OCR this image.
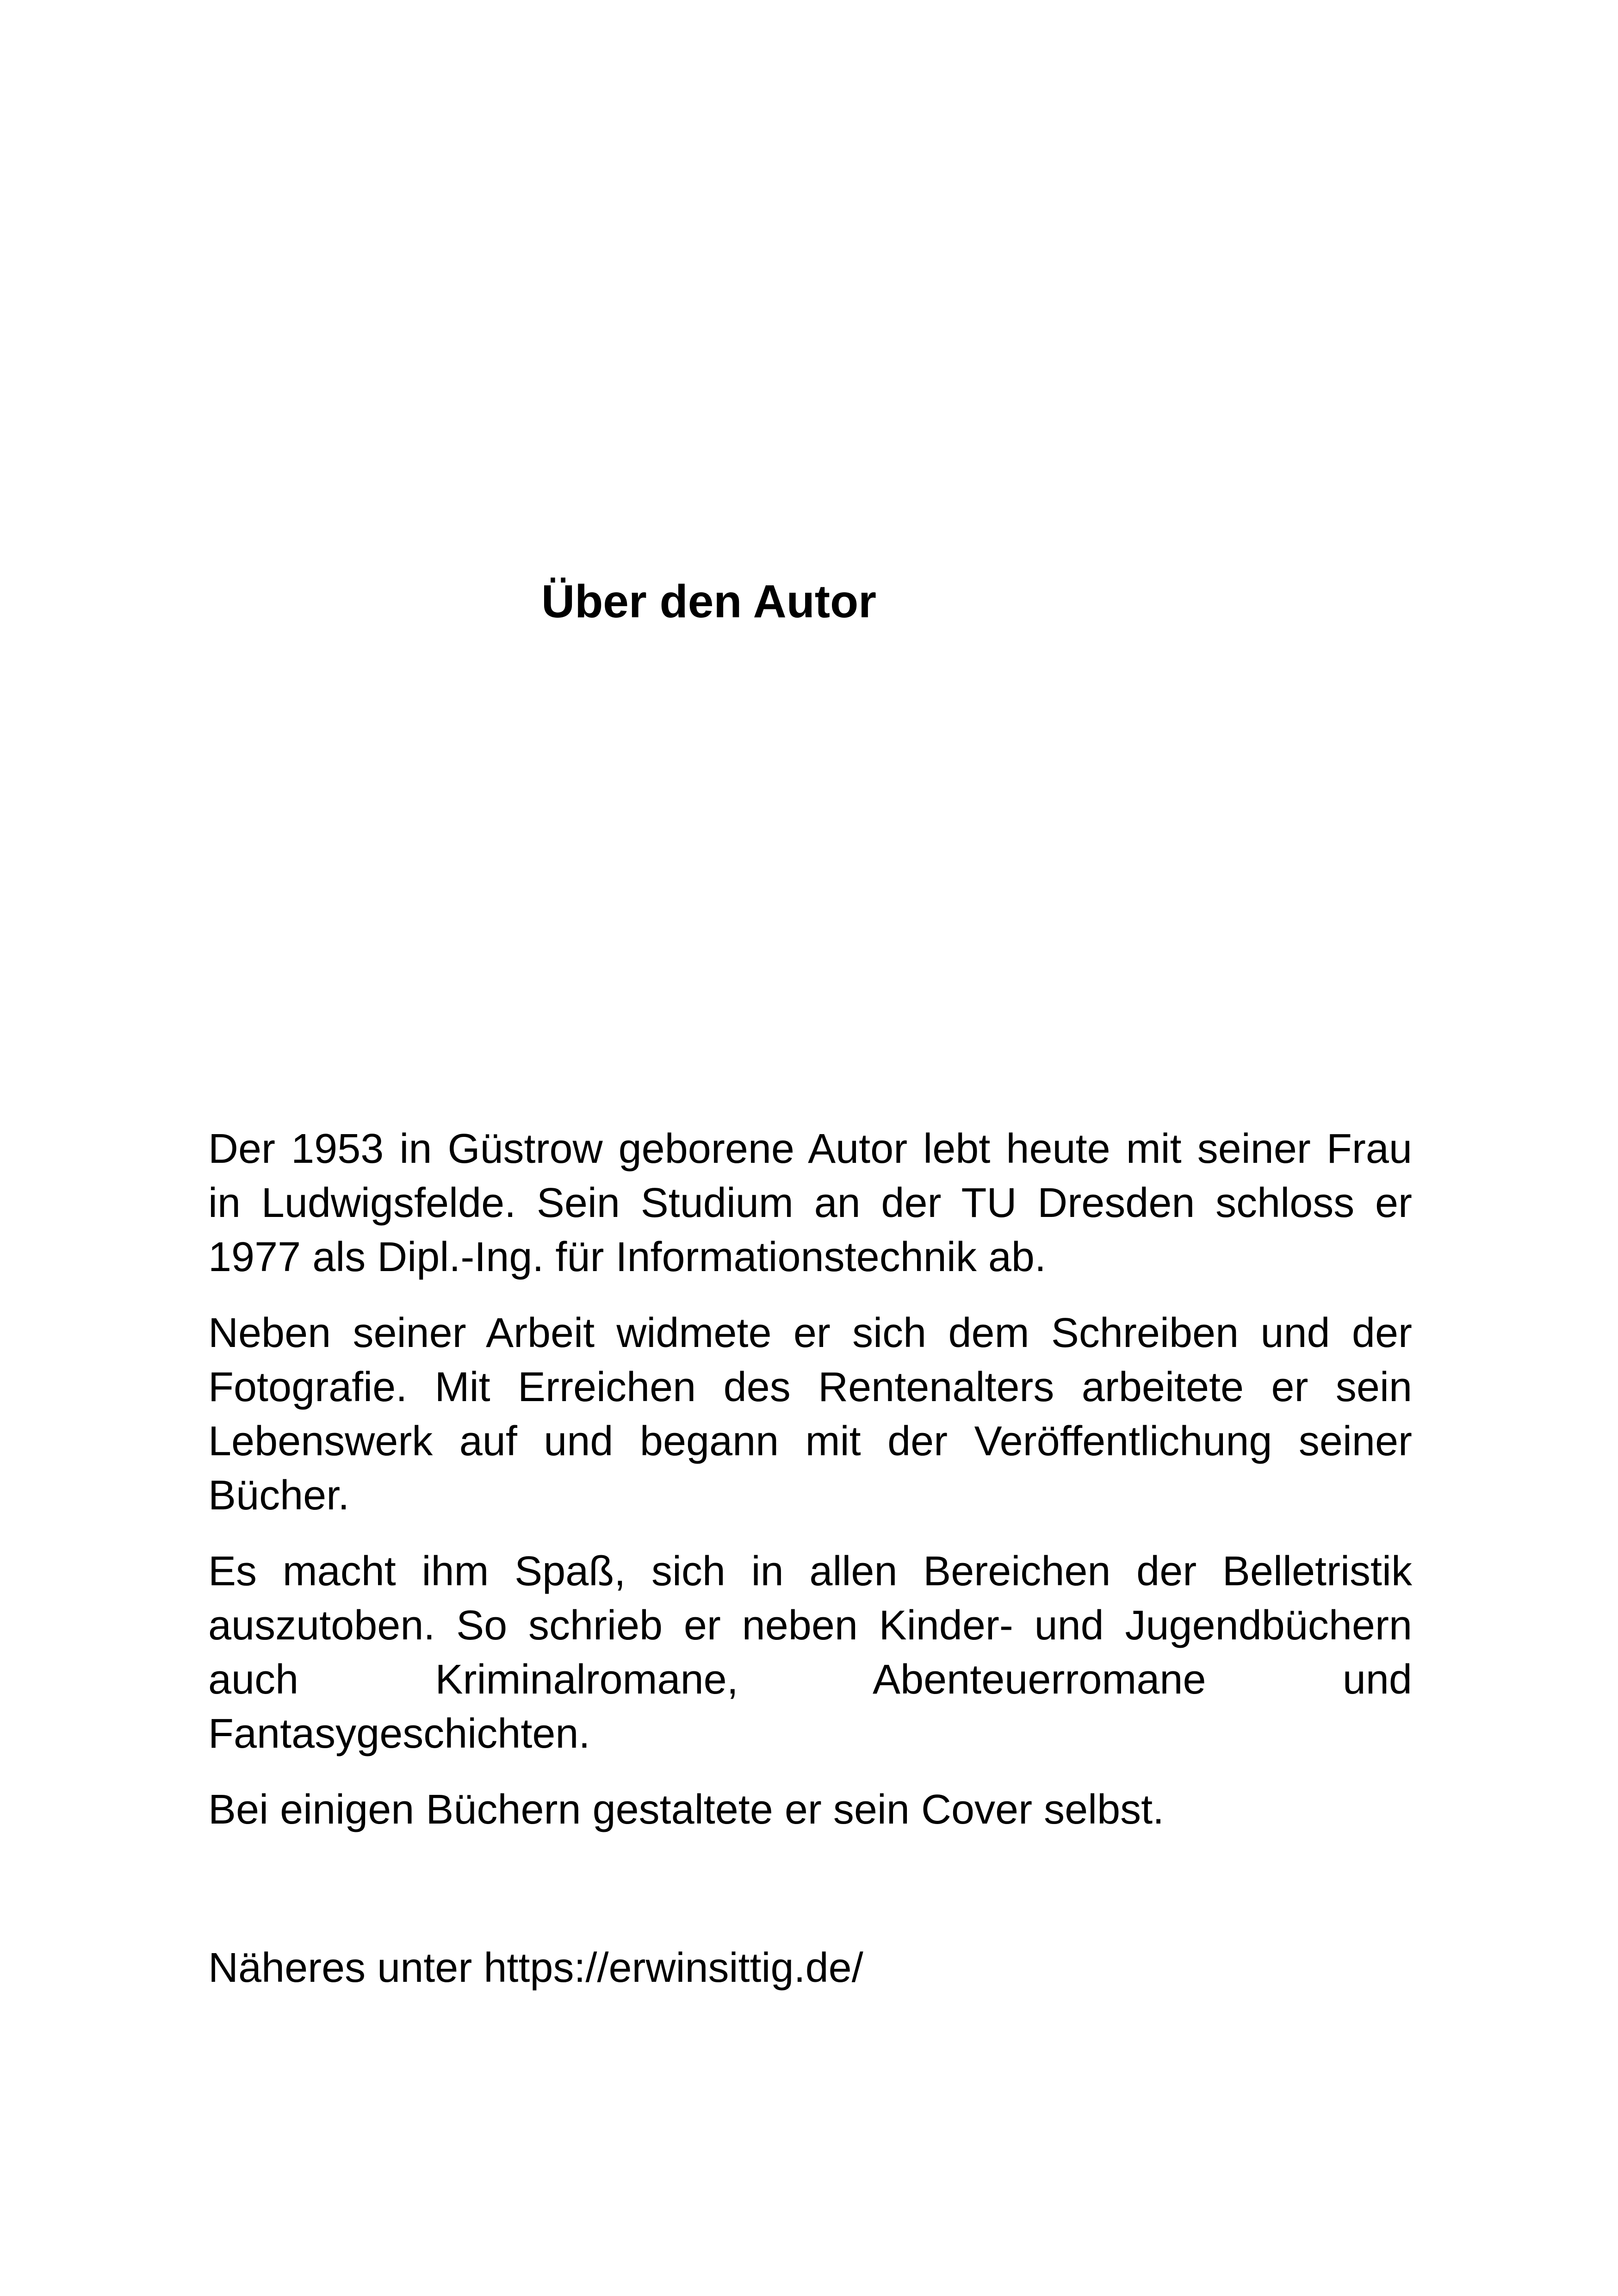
Über den Autor

Der 1953 in Güstrow geborene Autor lebt heute mit seiner Frau in Ludwigsfelde. Sein Studium an der TU Dresden schloss er 1977 als Dipl.-Ing. für Informationstechnik ab.

Neben seiner Arbeit widmete er sich dem Schreiben und der Fotografie. Mit Erreichen des Rentenalters arbeitete er sein Lebenswerk auf und begann mit der Veröffentlichung seiner Bücher.

Es macht ihm Spaß, sich in allen Bereichen der Belletristik auszutoben. So schrieb er neben Kinder- und Jugendbüchern auch Kriminalromane, Abenteuerromane und Fantasygeschichten.

Bei einigen Büchern gestaltete er sein Cover selbst.

Näheres unter https://erwinsittig.de/
